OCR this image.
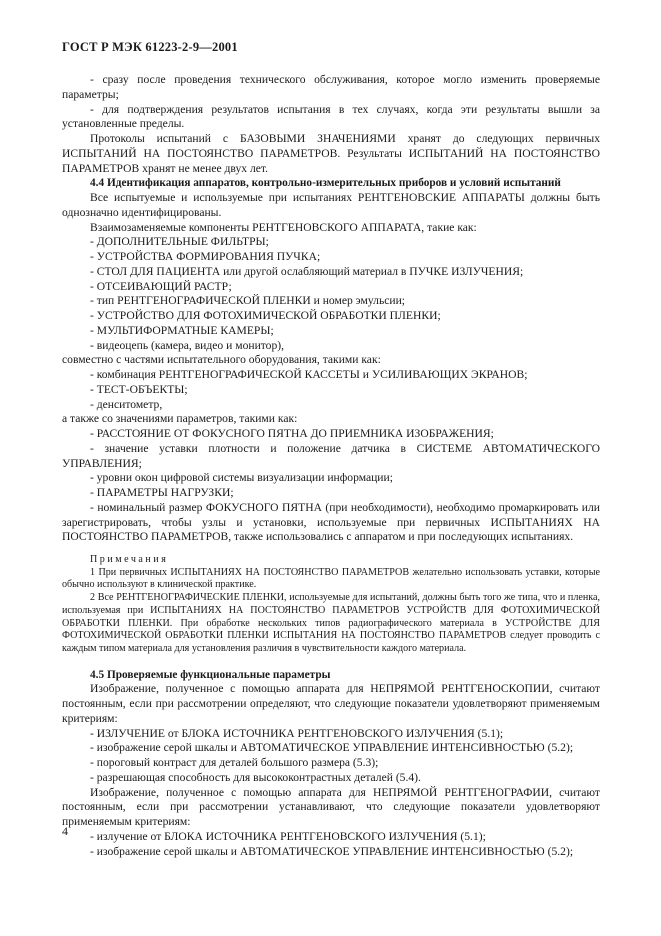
ГОСТ Р МЭК 61223-2-9—2001

- сразу после проведения технического обслуживания, которое могло изменить проверяемые параметры;

- для подтверждения результатов испытания в тех случаях, когда эти результаты вышли за установленные пределы.

Протоколы испытаний с БАЗОВЫМИ ЗНАЧЕНИЯМИ хранят до следующих первичных ИСПЫТАНИЙ НА ПОСТОЯНСТВО ПАРАМЕТРОВ. Результаты ИСПЫТАНИЙ НА ПОСТОЯНСТВО ПАРАМЕТРОВ хранят не менее двух лет.

4.4 Идентификация аппаратов, контрольно-измерительных приборов и условий испытаний

Все испытуемые и используемые при испытаниях РЕНТГЕНОВСКИЕ АППАРАТЫ должны быть однозначно идентифицированы.

Взаимозаменяемые компоненты РЕНТГЕНОВСКОГО АППАРАТА, такие как:

- ДОПОЛНИТЕЛЬНЫЕ ФИЛЬТРЫ;

- УСТРОЙСТВА ФОРМИРОВАНИЯ ПУЧКА;

- СТОЛ ДЛЯ ПАЦИЕНТА или другой ослабляющий материал в ПУЧКЕ ИЗЛУЧЕНИЯ;

- ОТСЕИВАЮЩИЙ РАСТР;

- тип РЕНТГЕНОГРАФИЧЕСКОЙ ПЛЕНКИ и номер эмульсии;

- УСТРОЙСТВО ДЛЯ ФОТОХИМИЧЕСКОЙ ОБРАБОТКИ ПЛЕНКИ;

- МУЛЬТИФОРМАТНЫЕ КАМЕРЫ;

- видеоцепь (камера, видео и монитор),

совместно с частями испытательного оборудования, такими как:

- комбинация РЕНТГЕНОГРАФИЧЕСКОЙ КАССЕТЫ и УСИЛИВАЮЩИХ ЭКРАНОВ;

- ТЕСТ-ОБЪЕКТЫ;

- денситометр,

а также со значениями параметров, такими как:

- РАССТОЯНИЕ ОТ ФОКУСНОГО ПЯТНА ДО ПРИЕМНИКА ИЗОБРАЖЕНИЯ;

- значение уставки плотности и положение датчика в СИСТЕМЕ АВТОМАТИЧЕСКОГО УПРАВЛЕНИЯ;

- уровни окон цифровой системы визуализации информации;

- ПАРАМЕТРЫ НАГРУЗКИ;

- номинальный размер ФОКУСНОГО ПЯТНА (при необходимости), необходимо промаркировать или зарегистрировать, чтобы узлы и установки, используемые при первичных ИСПЫТАНИЯХ НА ПОСТОЯНСТВО ПАРАМЕТРОВ, также использовались с аппаратом и при последующих испытаниях.

Примечания

1 При первичных ИСПЫТАНИЯХ НА ПОСТОЯНСТВО ПАРАМЕТРОВ желательно использовать уставки, которые обычно используют в клинической практике.

2 Все РЕНТГЕНОГРАФИЧЕСКИЕ ПЛЕНКИ, используемые для испытаний, должны быть того же типа, что и пленка, используемая при ИСПЫТАНИЯХ НА ПОСТОЯНСТВО ПАРАМЕТРОВ УСТРОЙСТВ ДЛЯ ФОТОХИМИЧЕСКОЙ ОБРАБОТКИ ПЛЕНКИ. При обработке нескольких типов радиографического материала в УСТРОЙСТВЕ ДЛЯ ФОТОХИМИЧЕСКОЙ ОБРАБОТКИ ПЛЕНКИ ИСПЫТАНИЯ НА ПОСТОЯНСТВО ПАРАМЕТРОВ следует проводить с каждым типом материала для установления различия в чувствительности каждого материала.

4.5 Проверяемые функциональные параметры

Изображение, полученное с помощью аппарата для НЕПРЯМОЙ РЕНТГЕНОСКОПИИ, считают постоянным, если при рассмотрении определяют, что следующие показатели удовлетворяют применяемым критериям:

- ИЗЛУЧЕНИЕ от БЛОКА ИСТОЧНИКА РЕНТГЕНОВСКОГО ИЗЛУЧЕНИЯ (5.1);

- изображение серой шкалы и АВТОМАТИЧЕСКОЕ УПРАВЛЕНИЕ ИНТЕНСИВНОСТЬЮ (5.2);

- пороговый контраст для деталей большого размера (5.3);

- разрешающая способность для высококонтрастных деталей (5.4).

Изображение, полученное с помощью аппарата для НЕПРЯМОЙ РЕНТГЕНОГРАФИИ, считают постоянным, если при рассмотрении устанавливают, что следующие показатели удовлетворяют применяемым критериям:

- излучение от БЛОКА ИСТОЧНИКА РЕНТГЕНОВСКОГО ИЗЛУЧЕНИЯ (5.1);

- изображение серой шкалы и АВТОМАТИЧЕСКОЕ УПРАВЛЕНИЕ ИНТЕНСИВНОСТЬЮ (5.2);

4
